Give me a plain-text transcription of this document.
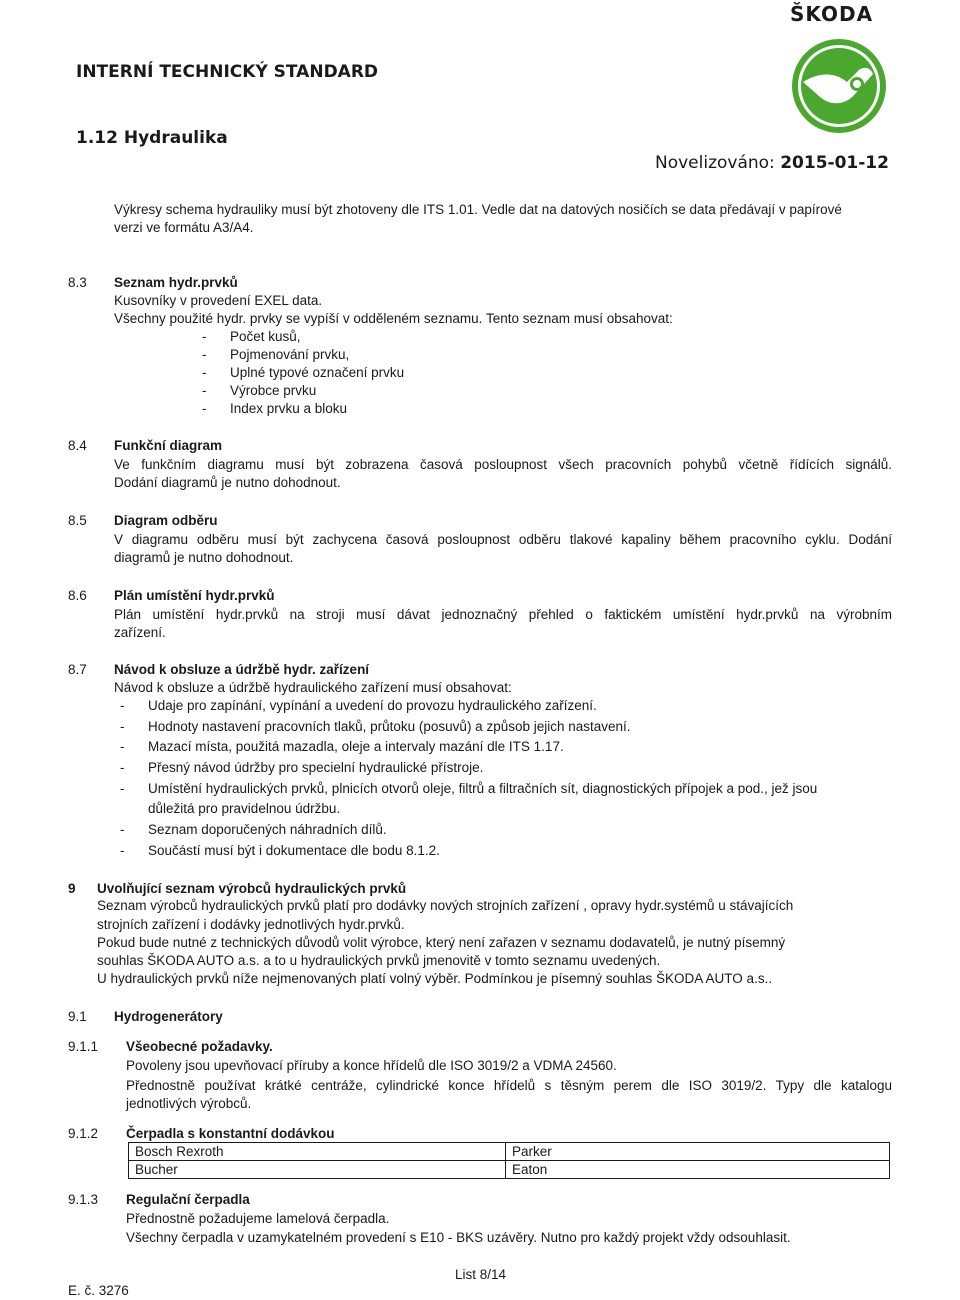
ŠKODA
INTERNÍ TECHNICKÝ STANDARD
1.12 Hydraulika
Novelizováno: 2015-01-12
Výkresy schema hydrauliky musí být zhotoveny dle ITS 1.01. Vedle dat na datových nosičích se data předávají v papírové
verzi ve formátu A3/A4.
8.3 Seznam hydr.prvků
Kusovníky v provedení EXEL data.
Všechny použité hydr. prvky se vypíší v odděleném seznamu. Tento seznam musí obsahovat:
- Počet kusů,
- Pojmenování prvku,
- Uplné typové označení prvku
- Výrobce prvku
- Index prvku a bloku
8.4 Funkční diagram
Ve funkčním diagramu musí být zobrazena časová posloupnost všech pracovních pohybů včetně řídících signálů.
Dodání diagramů je nutno dohodnout.
8.5 Diagram odběru
V diagramu odběru musí být zachycena časová posloupnost odběru tlakové kapaliny během pracovního cyklu. Dodání
diagramů je nutno dohodnout.
8.6 Plán umístění hydr.prvků
Plán umístění hydr.prvků na stroji musí dávat jednoznačný přehled o faktickém umístění hydr.prvků na výrobním
zařízení.
8.7 Návod k obsluze a údržbě hydr. zařízení
Návod k obsluze a údržbě hydraulického zařízení musí obsahovat:
- Udaje pro zapínání, vypínání a uvedení do provozu hydraulického zařízení.
- Hodnoty nastavení pracovních tlaků, průtoku (posuvů) a způsob jejich nastavení.
- Mazací místa, použitá mazadla, oleje a intervaly mazání dle ITS 1.17.
- Přesný návod údržby pro specielní hydraulické přístroje.
- Umístění hydraulických prvků, plnicích otvorů oleje, filtrů a filtračních sít, diagnostických přípojek a pod., jež jsou
důležitá pro pravidelnou údržbu.
- Seznam doporučených náhradních dílů.
- Součástí musí být i dokumentace dle bodu 8.1.2.
9 Uvolňující seznam výrobců hydraulických prvků
Seznam výrobců hydraulických prvků platí pro dodávky nových strojních zařízení , opravy hydr.systémů u stávajících
strojních zařízení i dodávky jednotlivých hydr.prvků.
Pokud bude nutné z technických důvodů volit výrobce, který není zařazen v seznamu dodavatelů, je nutný písemný
souhlas ŠKODA AUTO a.s. a to u hydraulických prvků jmenovitě v tomto seznamu uvedených.
U hydraulických prvků níže nejmenovaných platí volný výběr. Podmínkou je písemný souhlas ŠKODA AUTO a.s..
9.1 Hydrogenerátory
9.1.1 Všeobecné požadavky.
Povoleny jsou upevňovací příruby a konce hřídelů dle ISO 3019/2 a VDMA 24560.
Přednostně používat krátké centráže, cylindrické konce hřídelů s těsným perem dle ISO 3019/2. Typy dle katalogu
jednotlivých výrobců.
9.1.2 Čerpadla s konstantní dodávkou
Bosch Rexroth	Parker
Bucher	Eaton
9.1.3 Regulační čerpadla
Přednostně požadujeme lamelová čerpadla.
Všechny čerpadla v uzamykatelném provedení s E10 - BKS uzávěry. Nutno pro každý projekt vždy odsouhlasit.
List 8/14
E. č. 3276
